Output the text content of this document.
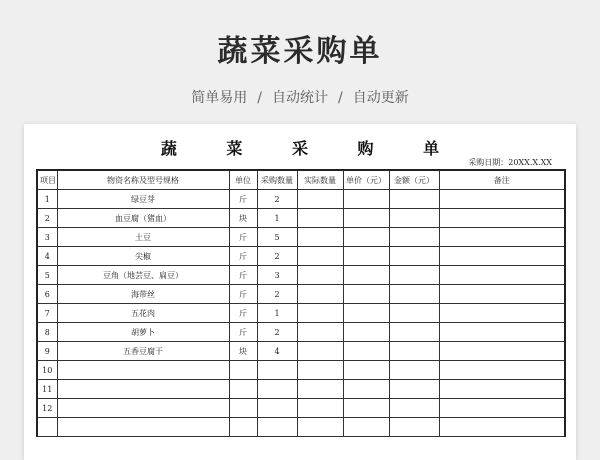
蔬菜采购单
简单易用 / 自动统计 / 自动更新
蔬 菜 采 购 单
采购日期：20XX.X.XX
项目	物资名称及型号规格	单位	采购数量	实际数量	单价（元）	金额（元）	备注
1	绿豆芽	斤	2				
2	血豆腐（猪血）	块	1				
3	土豆	斤	5				
4	尖椒	斤	2				
5	豆角（地芸豆、扁豆）	斤	3				
6	海带丝	斤	2				
7	五花肉	斤	1				
8	胡萝卜	斤	2				
9	五香豆腐干	块	4				
10							
11							
12							
